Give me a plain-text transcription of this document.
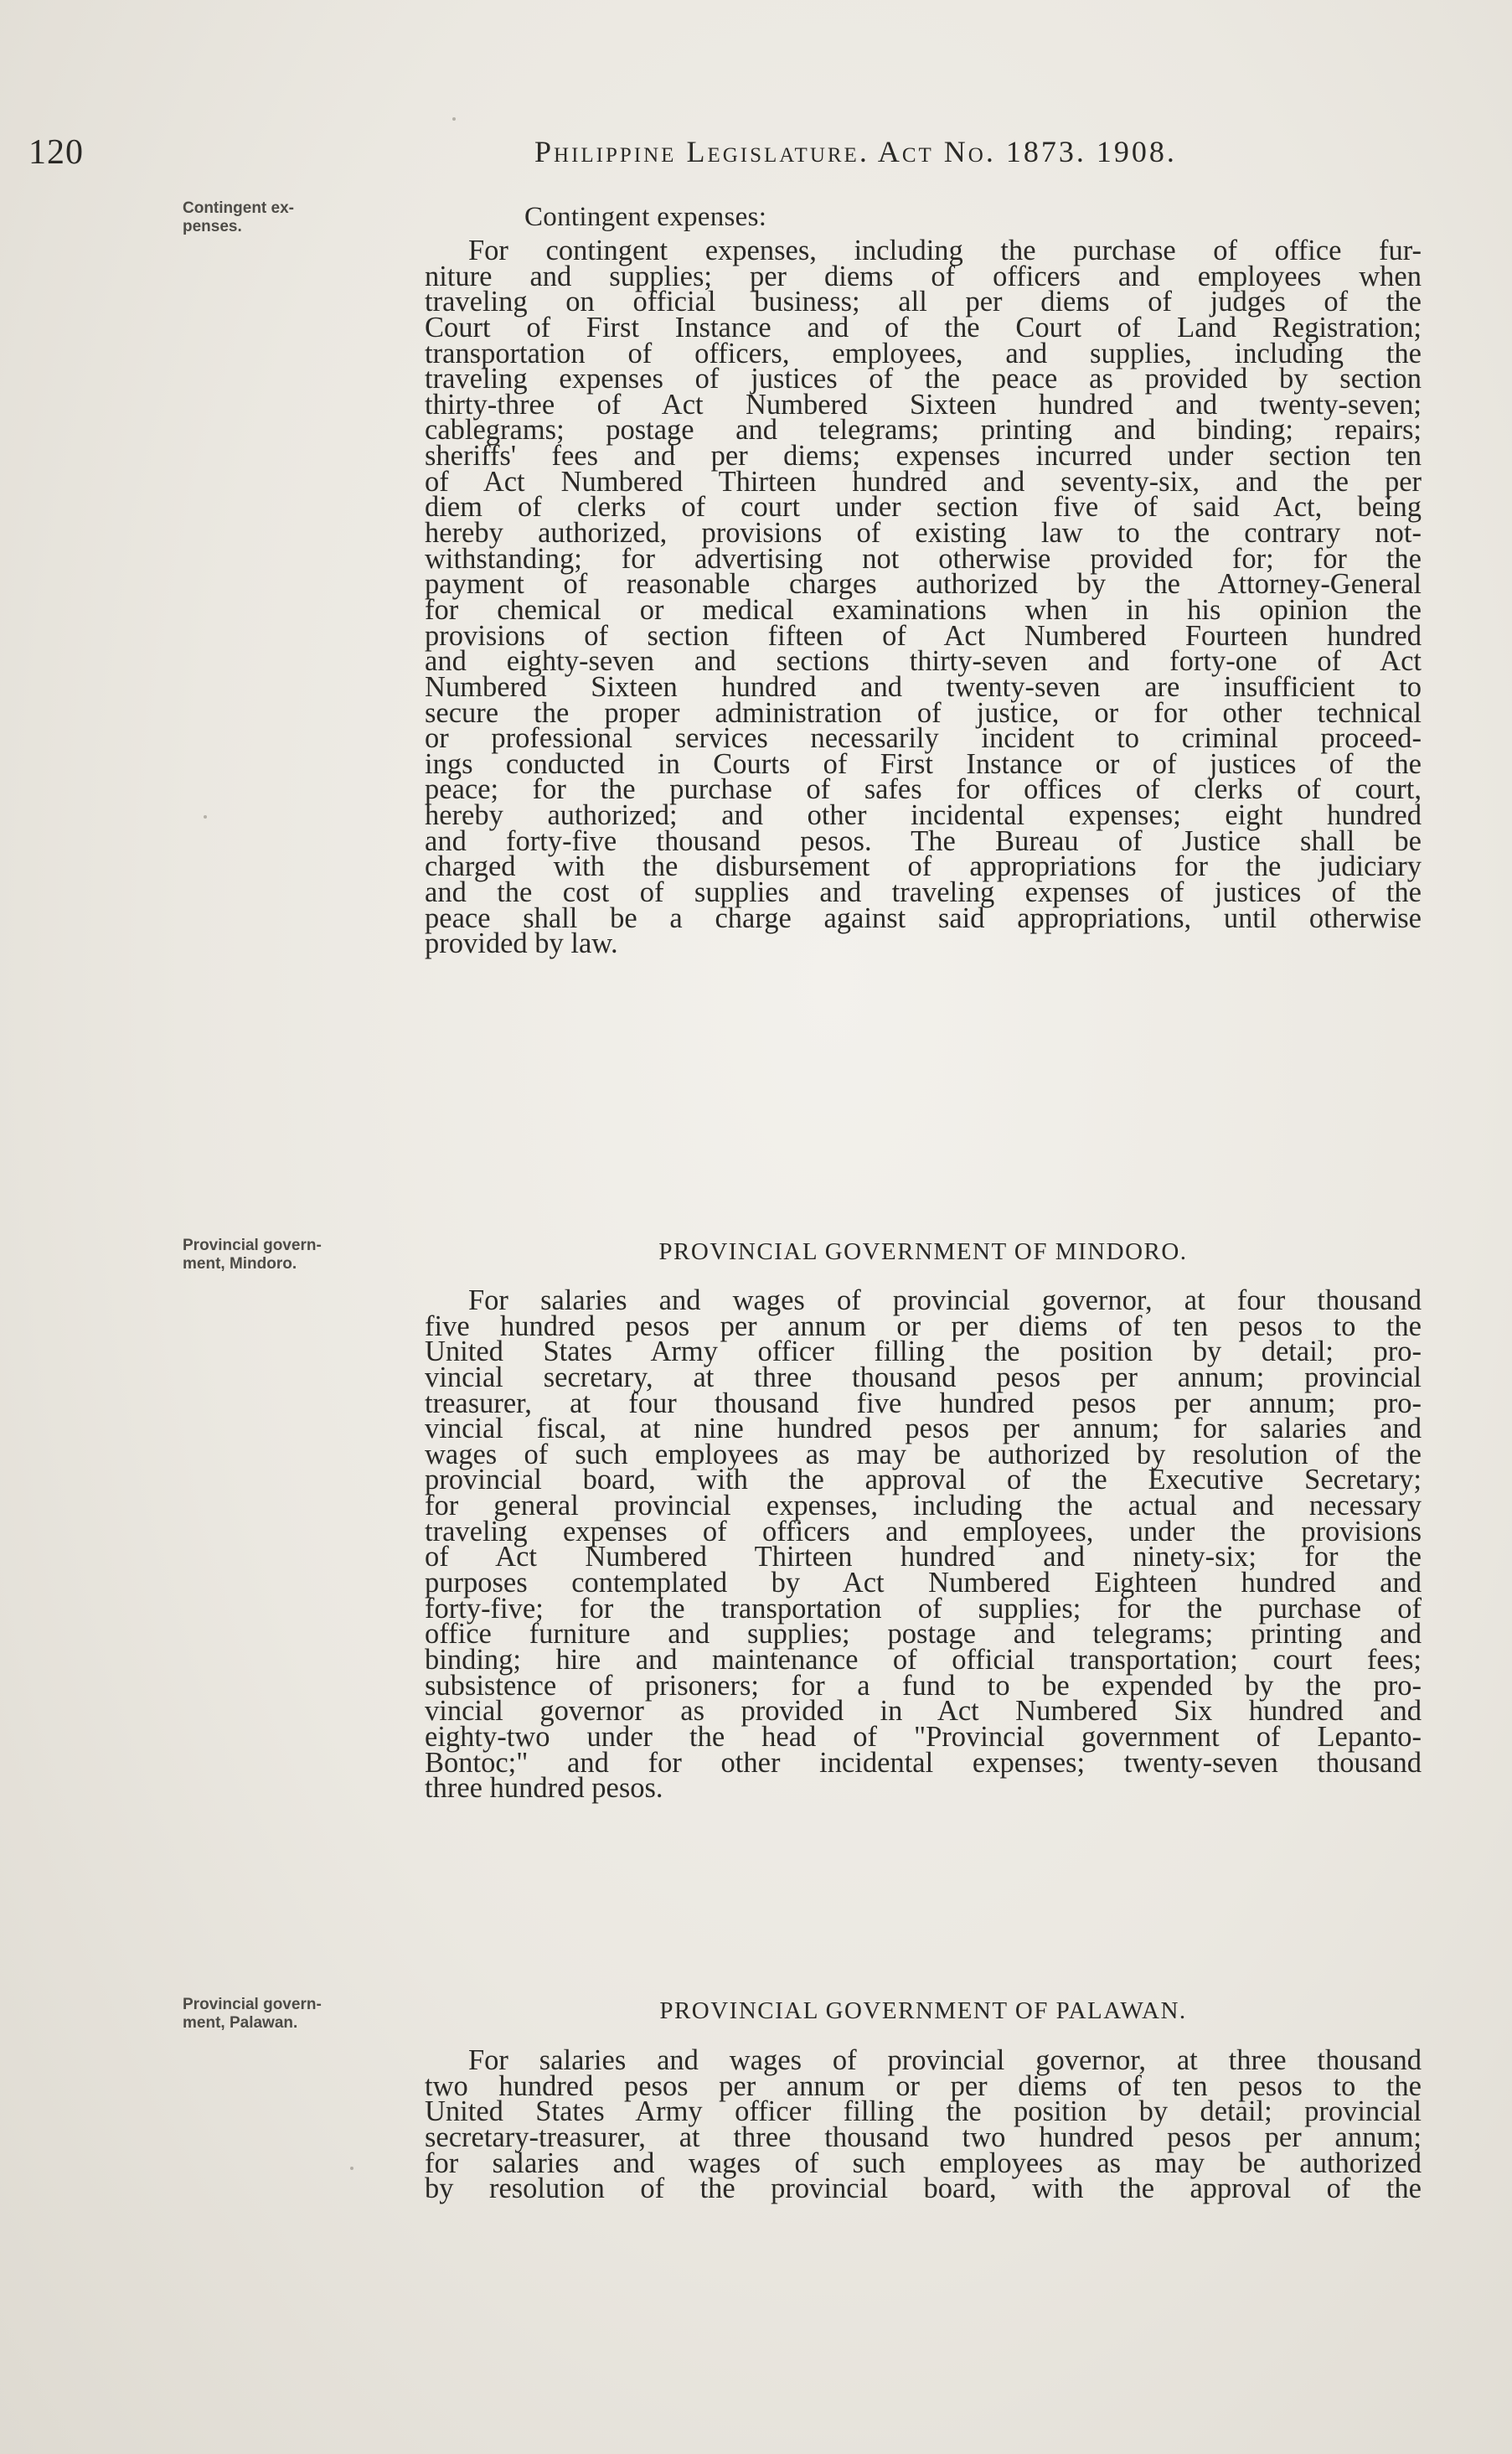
120	Philippine Legislature. Act No. 1873. 1908.
Contingent ex-
penses.	Contingent expenses:
For contingent expenses, including the purchase of office fur-
niture and supplies; per diems of officers and employees when
traveling on official business; all per diems of judges of the
Court of First Instance and of the Court of Land Registration;
transportation of officers, employees, and supplies, including the
traveling expenses of justices of the peace as provided by section
thirty-three of Act Numbered Sixteen hundred and twenty-seven;
cablegrams; postage and telegrams; printing and binding; repairs;
sheriffs' fees and per diems; expenses incurred under section ten
of Act Numbered Thirteen hundred and seventy-six, and the per
diem of clerks of court under section five of said Act, being
hereby authorized, provisions of existing law to the contrary not-
withstanding; for advertising not otherwise provided for; for the
payment of reasonable charges authorized by the Attorney-General
for chemical or medical examinations when in his opinion the
provisions of section fifteen of Act Numbered Fourteen hundred
and eighty-seven and sections thirty-seven and forty-one of Act
Numbered Sixteen hundred and twenty-seven are insufficient to
secure the proper administration of justice, or for other technical
or professional services necessarily incident to criminal proceed-
ings conducted in Courts of First Instance or of justices of the
peace; for the purchase of safes for offices of clerks of court,
hereby authorized; and other incidental expenses; eight hundred
and forty-five thousand pesos. The Bureau of Justice shall be
charged with the disbursement of appropriations for the judiciary
and the cost of supplies and traveling expenses of justices of the
peace shall be a charge against said appropriations, until otherwise
provided by law.
Provincial govern-
ment, Mindoro.	PROVINCIAL GOVERNMENT OF MINDORO.
For salaries and wages of provincial governor, at four thousand
five hundred pesos per annum or per diems of ten pesos to the
United States Army officer filling the position by detail; pro-
vincial secretary, at three thousand pesos per annum; provincial
treasurer, at four thousand five hundred pesos per annum; pro-
vincial fiscal, at nine hundred pesos per annum; for salaries and
wages of such employees as may be authorized by resolution of the
provincial board, with the approval of the Executive Secretary;
for general provincial expenses, including the actual and necessary
traveling expenses of officers and employees, under the provisions
of Act Numbered Thirteen hundred and ninety-six; for the
purposes contemplated by Act Numbered Eighteen hundred and
forty-five; for the transportation of supplies; for the purchase of
office furniture and supplies; postage and telegrams; printing and
binding; hire and maintenance of official transportation; court fees;
subsistence of prisoners; for a fund to be expended by the pro-
vincial governor as provided in Act Numbered Six hundred and
eighty-two under the head of "Provincial government of Lepanto-
Bontoc;" and for other incidental expenses; twenty-seven thousand
three hundred pesos.
Provincial govern-
ment, Palawan.	PROVINCIAL GOVERNMENT OF PALAWAN.
For salaries and wages of provincial governor, at three thousand
two hundred pesos per annum or per diems of ten pesos to the
United States Army officer filling the position by detail; provincial
secretary-treasurer, at three thousand two hundred pesos per annum;
for salaries and wages of such employees as may be authorized
by resolution of the provincial board, with the approval of the
